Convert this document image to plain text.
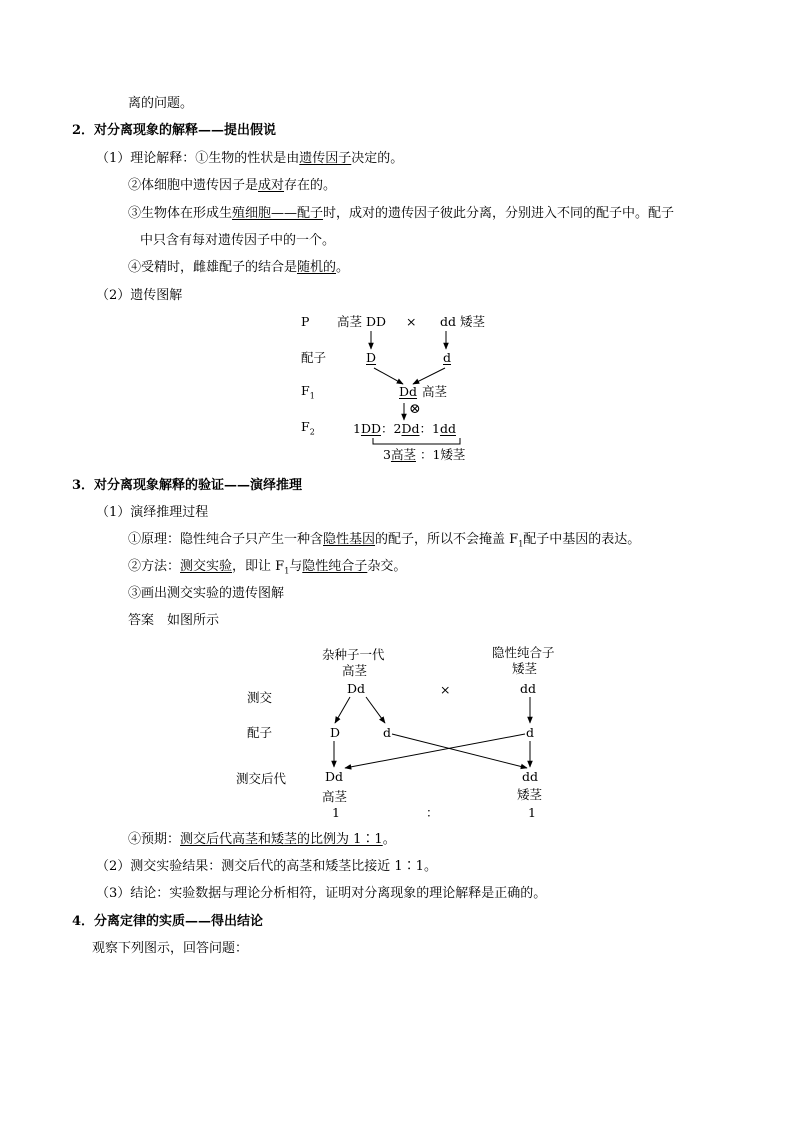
离的问题。
2．对分离现象的解释——提出假说
（1）理论解释：①生物的性状是由遗传因子决定的。
②体细胞中遗传因子是成对存在的。
③生物体在形成生殖细胞——配子时，成对的遗传因子彼此分离，分别进入不同的配子中。配子
中只含有每对遗传因子中的一个。
④受精时，雌雄配子的结合是随机的。
（2）遗传图解
P 高茎 DD × dd 矮茎
配子	D	d
$F_1$	Dd 高茎
⊗
$F_2$	1DD：2Dd：1dd
3高茎 ：1矮茎
3．对分离现象解释的验证——演绎推理
（1）演绎推理过程
①原理：隐性纯合子只产生一种含隐性基因的配子，所以不会掩盖 $F_1$配子中基因的表达。
②方法：测交实验，即让 $F_1$与隐性纯合子杂交。
③画出测交实验的遗传图解
答案　如图所示
杂种子一代
高茎
Dd
隐性纯合子
矮茎
dd
×
测交
配子	D	d	d
测交后代	Dd	dd
高茎	矮茎
1	：	1
④预期：测交后代高茎和矮茎的比例为 1∶1。
（2）测交实验结果：测交后代的高茎和矮茎比接近 1∶1。
（3）结论：实验数据与理论分析相符，证明对分离现象的理论解释是正确的。
4．分离定律的实质——得出结论
观察下列图示，回答问题：
